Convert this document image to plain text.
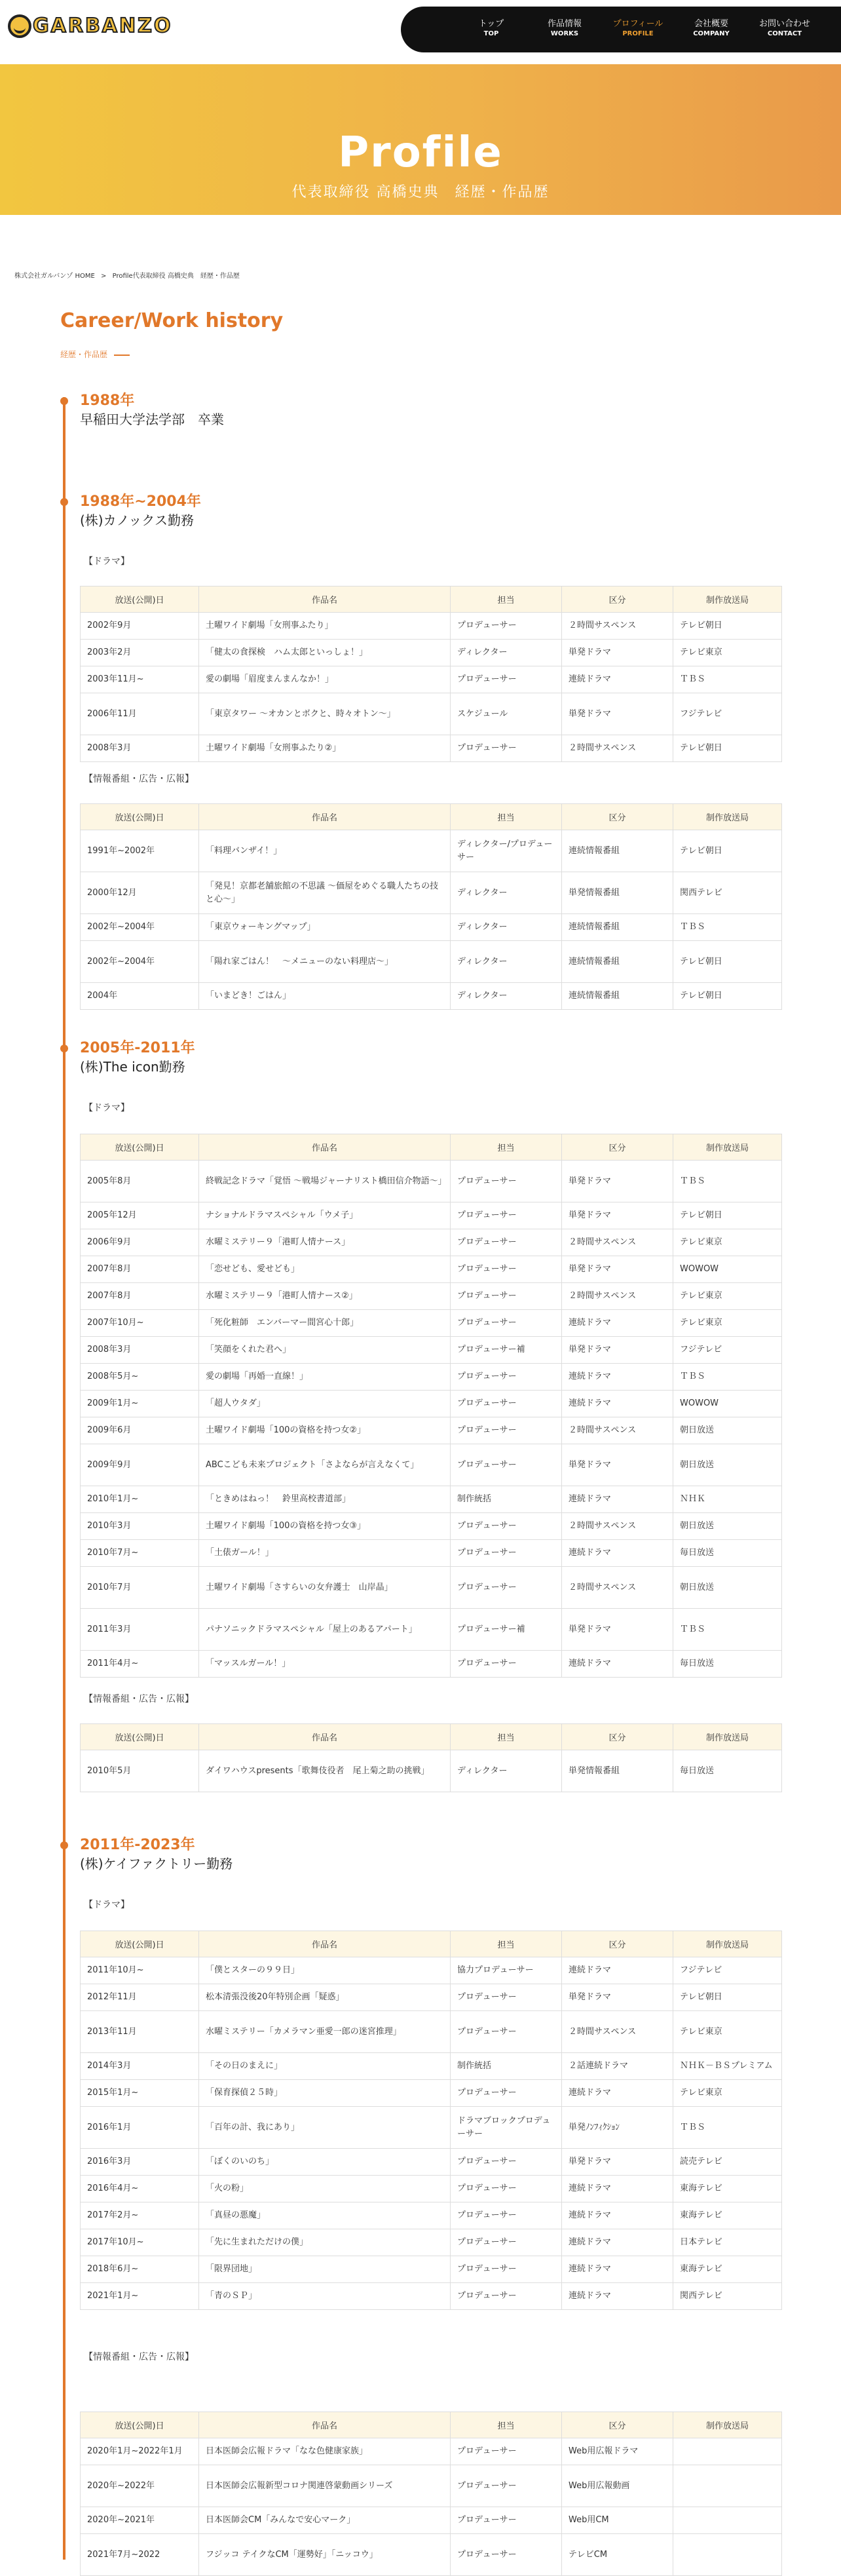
GARBANZO	トップ
TOP
作品情報
WORKS
プロフィール
PROFILE
会社概要
COMPANY
お問い合わせ
CONTACT
Profile
代表取締役 高橋史典　経歴・作品歴
株式会社ガルバンゾ HOME > Profile代表取締役 高橋史典　経歴・作品歴
Career/Work history
経歴・作品歴
1988年
早稲田大学法学部　卒業
1988年~2004年
(株)カノックス勤務
【ドラマ】
放送(公開)日	作品名	担当	区分	制作放送局
2002年9月	土曜ワイド劇場「女刑事ふたり」	プロデューサー	２時間サスペンス	テレビ朝日
2003年2月	「健太の食探検　ハム太郎といっしょ！」	ディレクター	単発ドラマ	テレビ東京
2003年11月~	愛の劇場「眉度まんまんなか！」	プロデューサー	連続ドラマ	ＴＢＳ
2006年11月	「東京タワー ～オカンとボクと、時々オトン～」	スケジュール	単発ドラマ	フジテレビ
2008年3月	土曜ワイド劇場「女刑事ふたり②」	プロデューサー	２時間サスペンス	テレビ朝日
【情報番組・広告・広報】
放送(公開)日	作品名	担当	区分	制作放送局
1991年~2002年	「料理バンザイ！」	ディレクター/プロデューサー	連続情報番組	テレビ朝日
2000年12月	「発見！京都老舗旅館の不思議 ～価屋をめぐる職人たちの技と心～」	ディレクター	単発情報番組	関西テレビ
2002年~2004年	「東京ウォーキングマップ」	ディレクター	連続情報番組	ＴＢＳ
2002年~2004年	「陽れ家ごはん！　～メニューのない料理店～」	ディレクター	連続情報番組	テレビ朝日
2004年	「いまどき！ごはん」	ディレクター	連続情報番組	テレビ朝日
2005年-2011年
(株)The icon勤務
【ドラマ】
放送(公開)日	作品名	担当	区分	制作放送局
2005年8月	終戦記念ドラマ「覚悟 ～戦場ジャーナリスト橋田信介物語～」	プロデューサー	単発ドラマ	ＴＢＳ
2005年12月	ナショナルドラマスペシャル「ウメ子」	プロデューサー	単発ドラマ	テレビ朝日
2006年9月	水曜ミステリー９「港町人情ナース」	プロデューサー	２時間サスペンス	テレビ東京
2007年8月	「恋せども、愛せども」	プロデューサー	単発ドラマ	WOWOW
2007年8月	水曜ミステリー９「港町人情ナース②」	プロデューサー	２時間サスペンス	テレビ東京
2007年10月~	「死化粧師　エンバーマー間宮心十郎」	プロデューサー	連続ドラマ	テレビ東京
2008年3月	「笑顔をくれた君へ」	プロデューサー補	単発ドラマ	フジテレビ
2008年5月~	愛の劇場「再婚一直線！」	プロデューサー	連続ドラマ	ＴＢＳ
2009年1月~	「超人ウタダ」	プロデューサー	連続ドラマ	WOWOW
2009年6月	土曜ワイド劇場「100の資格を持つ女②」	プロデューサー	２時間サスペンス	朝日放送
2009年9月	ABCこども未来プロジェクト「さよならが言えなくて」	プロデューサー	単発ドラマ	朝日放送
2010年1月~	「ときめはねっ！　鈴里高校書道部」	制作統括	連続ドラマ	ＮＨＫ
2010年3月	土曜ワイド劇場「100の資格を持つ女③」	プロデューサー	２時間サスペンス	朝日放送
2010年7月~	「土俵ガール！」	プロデューサー	連続ドラマ	毎日放送
2010年7月	土曜ワイド劇場「さすらいの女弁護士　山岸晶」	プロデューサー	２時間サスペンス	朝日放送
2011年3月	パナソニックドラマスペシャル「屋上のあるアパート」	プロデューサー補	単発ドラマ	ＴＢＳ
2011年4月~	「マッスルガール！」	プロデューサー	連続ドラマ	毎日放送
【情報番組・広告・広報】
放送(公開)日	作品名	担当	区分	制作放送局
2010年5月	ダイワハウスpresents「歌舞伎役者　尾上菊之助の挑戦」	ディレクター	単発情報番組	毎日放送
2011年-2023年
(株)ケイファクトリー勤務
【ドラマ】
放送(公開)日	作品名	担当	区分	制作放送局
2011年10月~	「僕とスターの９９日」	協力プロデューサー	連続ドラマ	フジテレビ
2012年11月	松本清張没後20年特別企画「疑惑」	プロデューサー	単発ドラマ	テレビ朝日
2013年11月	水曜ミステリー「カメラマン亜愛一郎の迷宮推理」	プロデューサー	２時間サスペンス	テレビ東京
2014年3月	「その日のまえに」	制作統括	２話連続ドラマ	ＮＨＫ－ＢＳプレミアム
2015年1月~	「保育探偵２５時」	プロデューサー	連続ドラマ	テレビ東京
2016年1月	「百年の計、我にあり」	ドラマブロックプロデューサー	単発ﾉﾝﾌｨｸｼｮﾝ	ＴＢＳ
2016年3月	「ぼくのいのち」	プロデューサー	単発ドラマ	読売テレビ
2016年4月~	「火の粉」	プロデューサー	連続ドラマ	東海テレビ
2017年2月~	「真昼の悪魔」	プロデューサー	連続ドラマ	東海テレビ
2017年10月~	「先に生まれただけの僕」	プロデューサー	連続ドラマ	日本テレビ
2018年6月~	「限界団地」	プロデューサー	連続ドラマ	東海テレビ
2021年1月~	「青のＳＰ」	プロデューサー	連続ドラマ	関西テレビ
【情報番組・広告・広報】
放送(公開)日	作品名	担当	区分	制作放送局
2020年1月~2022年1月	日本医師会広報ドラマ「なな色健康家族」	プロデューサー	Web用広報ドラマ	
2020年~2022年	日本医師会広報新型コロナ関連啓蒙動画シリーズ	プロデューサー	Web用広報動画	
2020年~2021年	日本医師会CM「みんなで安心マーク」	プロデューサー	Web用CM	
2021年7月~2022	フジッコ テイクなCM「運勢好」「ニッコウ」	プロデューサー	テレビCM	
